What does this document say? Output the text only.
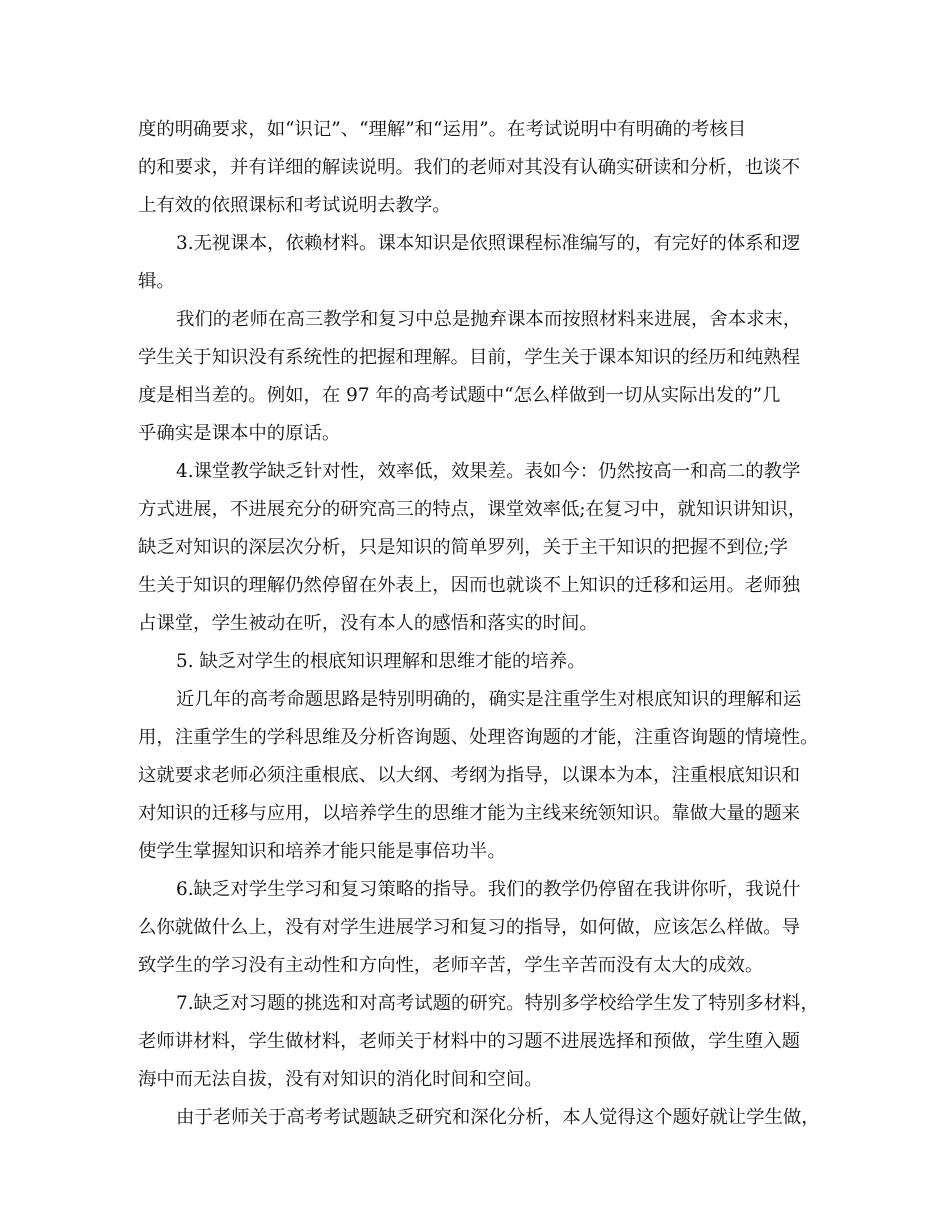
度的明确要求，如“识记”、“理解”和“运用”。在考试说明中有明确的考核目
的和要求，并有详细的解读说明。我们的老师对其没有认确实研读和分析，也谈不
上有效的依照课标和考试说明去教学。
3.无视课本，依赖材料。课本知识是依照课程标准编写的，有完好的体系和逻
辑。
我们的老师在高三教学和复习中总是抛弃课本而按照材料来进展，舍本求末，
学生关于知识没有系统性的把握和理解。目前，学生关于课本知识的经历和纯熟程
度是相当差的。例如，在 97 年的高考试题中“怎么样做到一切从实际出发的”几
乎确实是课本中的原话。
4.课堂教学缺乏针对性，效率低，效果差。表如今：仍然按高一和高二的教学
方式进展，不进展充分的研究高三的特点，课堂效率低;在复习中，就知识讲知识，
缺乏对知识的深层次分析，只是知识的简单罗列，关于主干知识的把握不到位;学
生关于知识的理解仍然停留在外表上，因而也就谈不上知识的迁移和运用。老师独
占课堂，学生被动在听，没有本人的感悟和落实的时间。
5. 缺乏对学生的根底知识理解和思维才能的培养。
近几年的高考命题思路是特别明确的，确实是注重学生对根底知识的理解和运
用，注重学生的学科思维及分析咨询题、处理咨询题的才能，注重咨询题的情境性。
这就要求老师必须注重根底、以大纲、考纲为指导，以课本为本，注重根底知识和
对知识的迁移与应用，以培养学生的思维才能为主线来统领知识。靠做大量的题来
使学生掌握知识和培养才能只能是事倍功半。
6.缺乏对学生学习和复习策略的指导。我们的教学仍停留在我讲你听，我说什
么你就做什么上，没有对学生进展学习和复习的指导，如何做，应该怎么样做。导
致学生的学习没有主动性和方向性，老师辛苦，学生辛苦而没有太大的成效。
7.缺乏对习题的挑选和对高考试题的研究。特别多学校给学生发了特别多材料，
老师讲材料，学生做材料，老师关于材料中的习题不进展选择和预做，学生堕入题
海中而无法自拔，没有对知识的消化时间和空间。
由于老师关于高考考试题缺乏研究和深化分析，本人觉得这个题好就让学生做，
